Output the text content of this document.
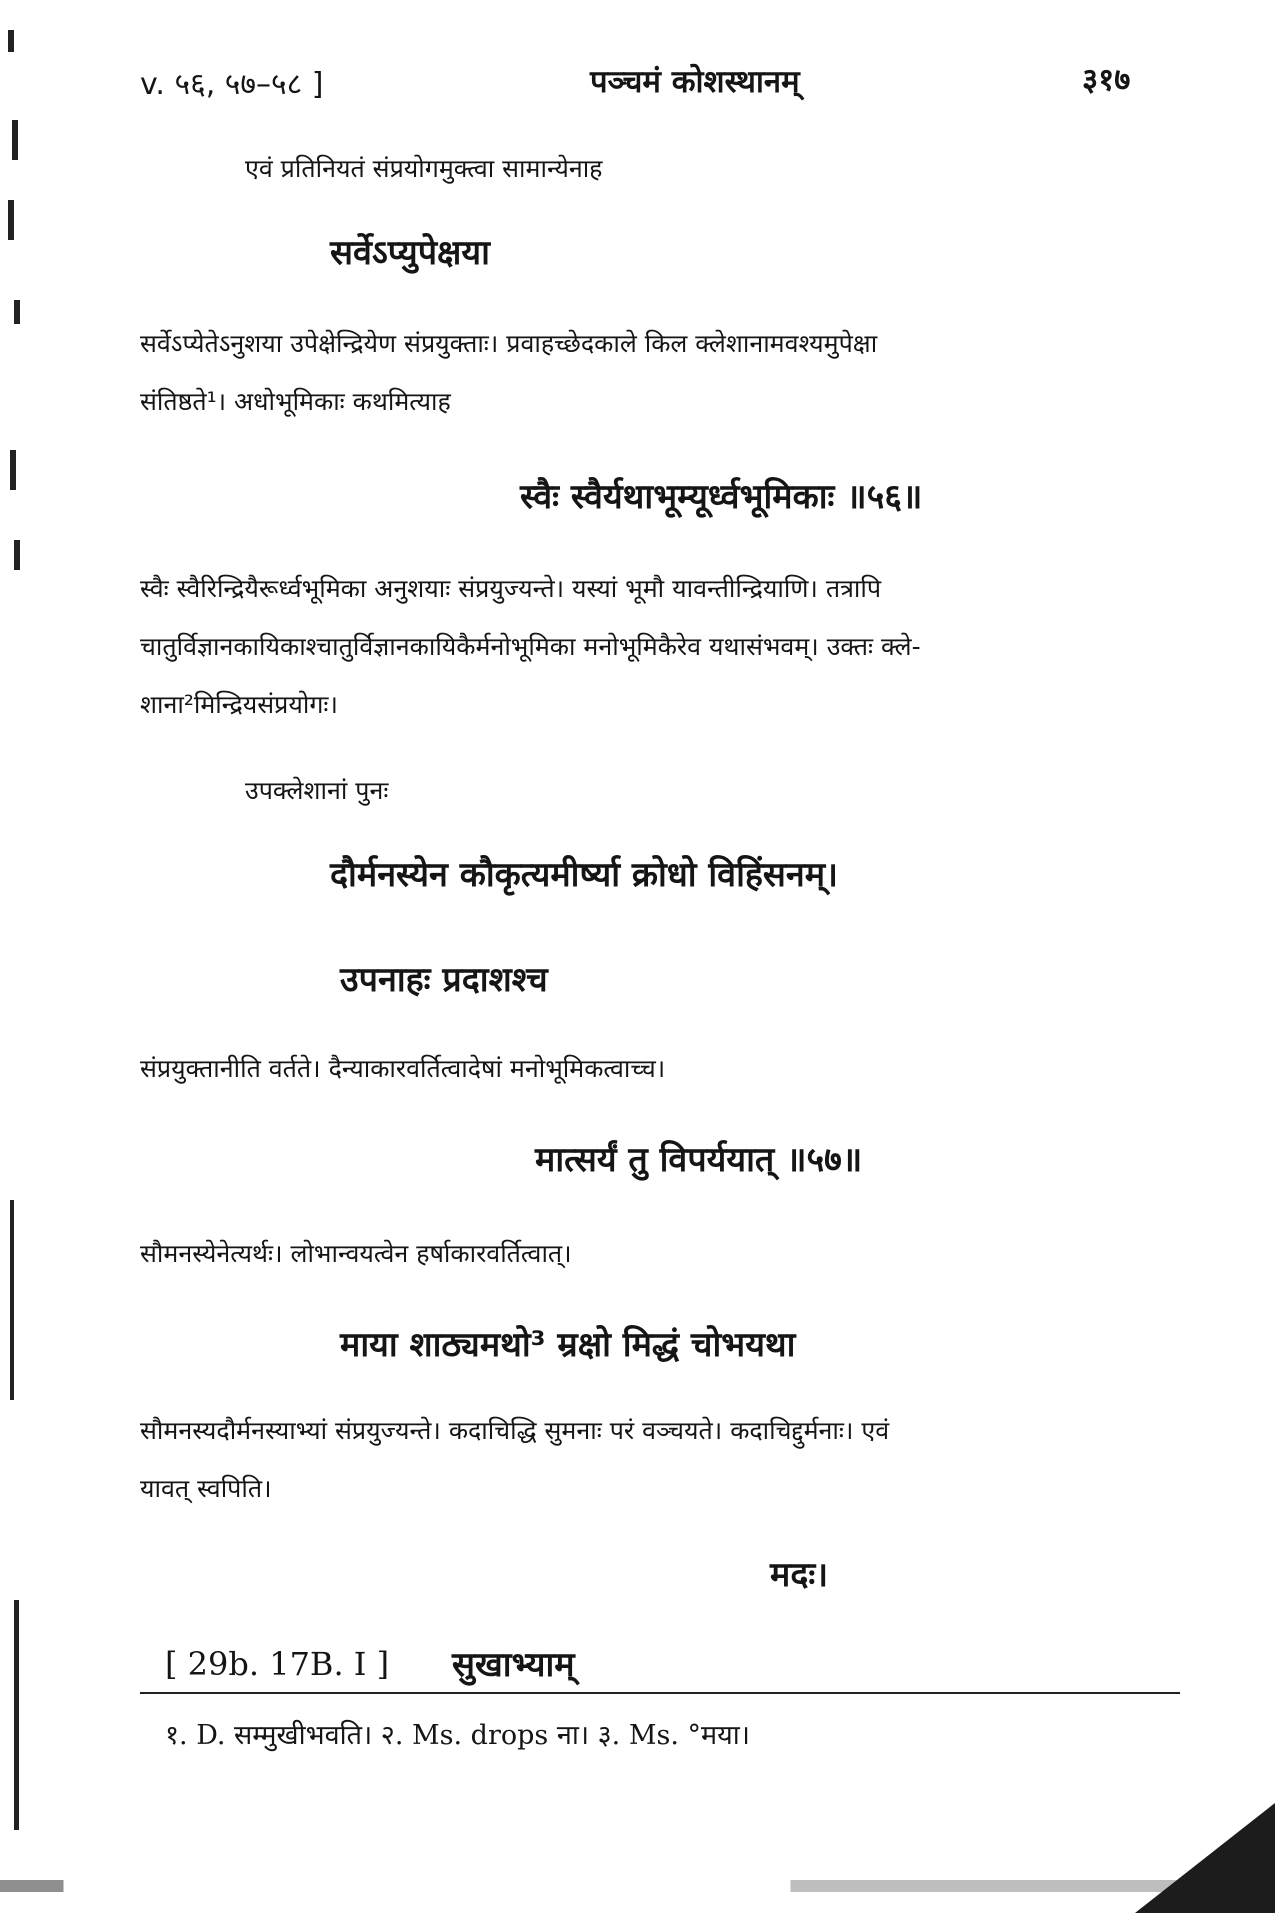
v. ५६, ५७–५८ ]	पञ्चमं कोशस्थानम्	३१७
एवं प्रतिनियतं संप्रयोगमुक्त्वा सामान्येनाह
सर्वेऽप्युपेक्षया
सर्वेऽप्येतेऽनुशया उपेक्षेन्द्रियेण संप्रयुक्ताः। प्रवाहच्छेदकाले किल क्लेशानामवश्यमुपेक्षा
संतिष्ठते¹। अधोभूमिकाः कथमित्याह
स्वैः स्वैर्यथाभूम्यूर्ध्वभूमिकाः ॥५६॥
स्वैः स्वैरिन्द्रियैरूर्ध्वभूमिका अनुशयाः संप्रयुज्यन्ते। यस्यां भूमौ यावन्तीन्द्रियाणि। तत्रापि
चातुर्विज्ञानकायिकाश्चातुर्विज्ञानकायिकैर्मनोभूमिका मनोभूमिकैरेव यथासंभवम्। उक्तः क्ले-
शाना²मिन्द्रियसंप्रयोगः।
उपक्लेशानां पुनः
दौर्मनस्येन कौकृत्यमीर्ष्या क्रोधो विहिंसनम्।
उपनाहः प्रदाशश्च
संप्रयुक्तानीति वर्तते। दैन्याकारवर्तित्वादेषां मनोभूमिकत्वाच्च।
मात्सर्यं तु विपर्ययात् ॥५७॥
सौमनस्येनेत्यर्थः। लोभान्वयत्वेन हर्षाकारवर्तित्वात्।
माया शाठ्यमथो³ म्रक्षो मिद्धं चोभयथा
सौमनस्यदौर्मनस्याभ्यां संप्रयुज्यन्ते। कदाचिद्धि सुमनाः परं वञ्चयते। कदाचिद्दुर्मनाः। एवं
यावत् स्वपिति।
मदः।
[ 29b. 17B. I ] सुखाभ्याम्
१. D. सम्मुखीभवति। २. Ms. drops ना। ३. Ms. °मया।
